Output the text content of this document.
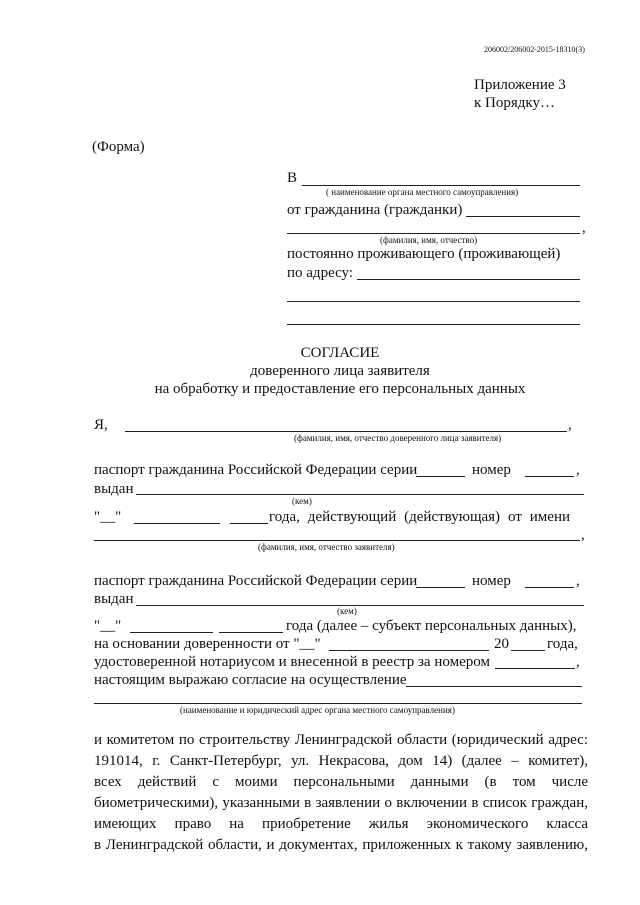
206002/206002-2015-18310(3)
Приложение 3
к Порядку…
(Форма)
В
( наименование органа местного самоуправления)
от гражданина (гражданки)
,
(фамилия, имя, отчество)
постоянно проживающего (проживающей)
по адресу:
СОГЛАСИЕ
доверенного лица заявителя
на обработку и предоставление его персональных данных
Я,	,
(фамилия, имя, отчество доверенного лица заявителя)
паспорт гражданина Российской Федерации серии	номер	,
выдан
(кем)
"__"	года, действующий (действующая) от имени
,
(фамилия, имя, отчество заявителя)
паспорт гражданина Российской Федерации серии	номер	,
выдан
(кем)
"__"	года (далее – субъект персональных данных),
на основании доверенности от "__"	20	года,
удостоверенной нотариусом и внесенной в реестр за номером	,
настоящим выражаю согласие на осуществление
(наименование и юридический адрес органа местного самоуправления)
и комитетом по строительству Ленинградской области (юридический адрес:
191014, г. Санкт-Петербург, ул. Некрасова, дом 14) (далее – комитет),
всех действий с моими персональными данными (в том числе
биометрическими), указанными в заявлении о включении в список граждан,
имеющих право на приобретение жилья экономического класса
в Ленинградской области, и документах, приложенных к такому заявлению,
